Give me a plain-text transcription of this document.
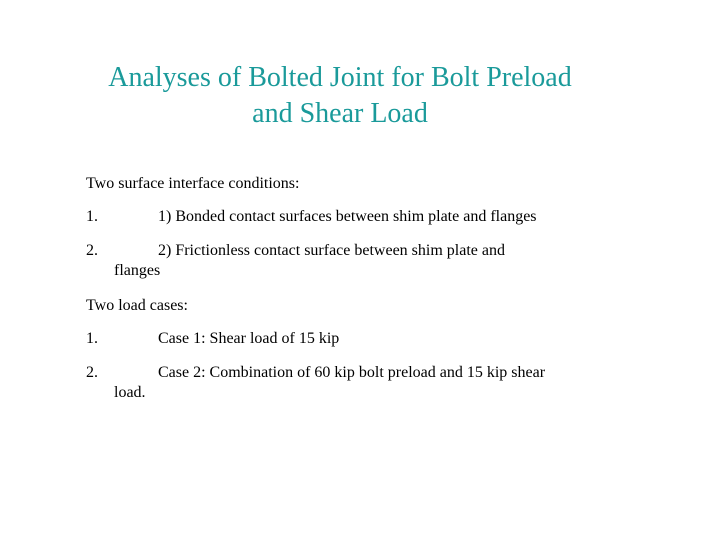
Analyses of Bolted Joint for Bolt Preload
and Shear Load

Two surface interface conditions:

1.	1) Bonded contact surfaces between shim plate and flanges
2.	2) Frictionless contact surface between shim plate and
flanges

Two load cases:

1.	Case 1: Shear load of 15 kip
2.	Case 2: Combination of 60 kip bolt preload and 15 kip shear
load.
